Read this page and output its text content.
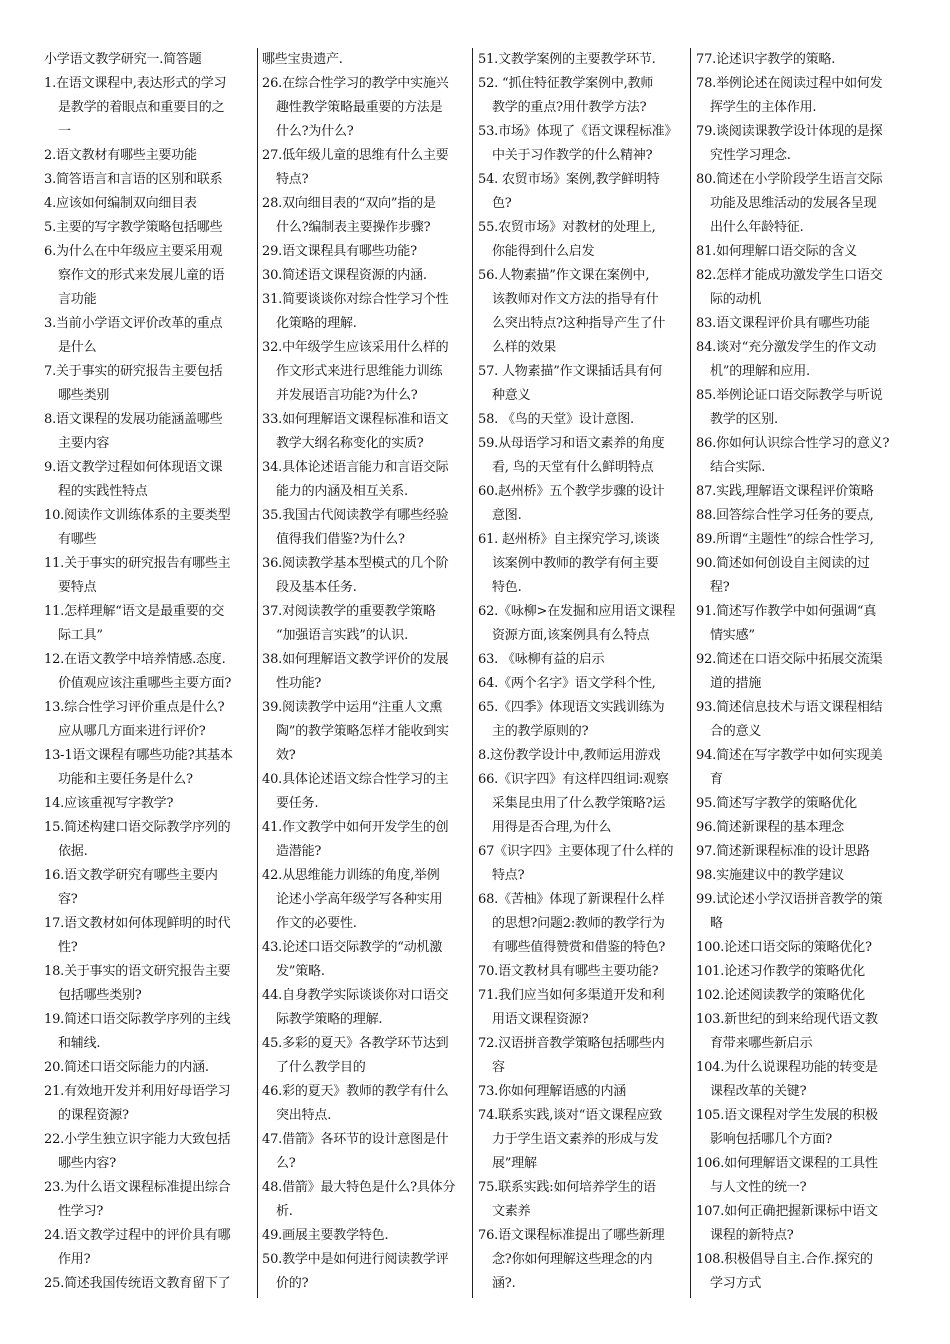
小学语文教学研究一.简答题
1.在语文课程中,表达形式的学习
是教学的着眼点和重要目的之
一
2.语文教材有哪些主要功能
3.简答语言和言语的区别和联系
4.应该如何编制双向细目表
5.主要的写字教学策略包括哪些
6.为什么在中年级应主要采用观
察作文的形式来发展儿童的语
言功能
3.当前小学语文评价改革的重点
是什么
7.关于事实的研究报告主要包括
哪些类别
8.语文课程的发展功能涵盖哪些
主要内容
9.语文教学过程如何体现语文课
程的实践性特点
10.阅读作文训练体系的主要类型
有哪些
11.关于事实的研究报告有哪些主
要特点
11.怎样理解“语文是最重要的交
际工具”
12.在语文教学中培养情感.态度.
价值观应该注重哪些主要方面?
13.综合性学习评价重点是什么?
应从哪几方面来进行评价?
13-1语文课程有哪些功能?其基本
功能和主要任务是什么?
14.应该重视写字教学?
15.简述构建口语交际教学序列的
依据.
16.语文教学研究有哪些主要内
容?
17.语文教材如何体现鲜明的时代
性?
18.关于事实的语文研究报告主要
包括哪些类别?
19.简述口语交际教学序列的主线
和辅线.
20.简述口语交际能力的内涵.
21.有效地开发并利用好母语学习
的课程资源?
22.小学生独立识字能力大致包括
哪些内容?
23.为什么语文课程标准提出综合
性学习?
24.语文教学过程中的评价具有哪
作用?
25.简述我国传统语文教育留下了
哪些宝贵遗产.
26.在综合性学习的教学中实施兴
趣性教学策略最重要的方法是
什么?为什么?
27.低年级儿童的思维有什么主要
特点?
28.双向细目表的“双向”指的是
什么?编制表主要操作步骤?
29.语文课程具有哪些功能?
30.简述语文课程资源的内涵.
31.简要谈谈你对综合性学习个性
化策略的理解.
32.中年级学生应该采用什么样的
作文形式来进行思维能力训练
并发展语言功能?为什么?
33.如何理解语文课程标准和语文
教学大纲名称变化的实质?
34.具体论述语言能力和言语交际
能力的内涵及相互关系.
35.我国古代阅读教学有哪些经验
值得我们借鉴?为什么?
36.阅读教学基本型模式的几个阶
段及基本任务.
37.对阅读教学的重要教学策略
“加强语言实践”的认识.
38.如何理解语文教学评价的发展
性功能?
39.阅读教学中运用“注重人文熏
陶”的教学策略怎样才能收到实
效?
40.具体论述语文综合性学习的主
要任务.
41.作文教学中如何开发学生的创
造潜能?
42.从思维能力训练的角度,举例
论述小学高年级学写各种实用
作文的必要性.
43.论述口语交际教学的“动机激
发”策略.
44.自身教学实际谈谈你对口语交
际教学策略的理解.
45.多彩的夏天》各教学环节达到
了什么教学目的
46.彩的夏天》教师的教学有什么
突出特点.
47.借箭》各环节的设计意图是什
么?
48.借箭》最大特色是什么?具体分
析.
49.画展主要教学特色.
50.教学中是如何进行阅读教学评
价的?
51.文教学案例的主要教学环节.
52. “抓住特征教学案例中,教师
教学的重点?用什教学方法?
53.市场》体现了《语文课程标准》
中关于习作教学的什么精神?
54. 农贸市场》案例,教学鲜明特
色?
55.农贸市场》对教材的处理上,
你能得到什么启发
56.人物素描”作文课在案例中,
该教师对作文方法的指导有什
么突出特点?这种指导产生了什
么样的效果
57. 人物素描”作文课插话具有何
种意义
58. 《鸟的天堂》设计意图.
59.从母语学习和语文素养的角度
看, 鸟的天堂有什么鲜明特点
60.赵州桥》五个教学步骤的设计
意图.
61. 赵州桥》自主探究学习,谈谈
该案例中教师的教学有何主要
特色.
62.《咏柳>在发掘和应用语文课程
资源方面,该案例具有么特点
63. 《咏柳有益的启示
64.《两个名字》语文学科个性,
65.《四季》体现语文实践训练为
主的教学原则的?
8.这份教学设计中,教师运用游戏
66.《识字四》有这样四组词:观察
采集昆虫用了什么教学策略?运
用得是否合理,为什么
67《识字四》主要体现了什么样的
特点?
68.《苦柚》体现了新课程什么样
的思想?问题2:教师的教学行为
有哪些值得赞赏和借鉴的特色?
70.语文教材具有哪些主要功能?
71.我们应当如何多渠道开发和利
用语文课程资源?
72.汉语拼音教学策略包括哪些内
容
73.你如何理解语感的内涵
74.联系实践,谈对“语文课程应致
力于学生语文素养的形成与发
展”理解
75.联系实践:如何培养学生的语
文素养
76.语文课程标准提出了哪些新理
念?你如何理解这些理念的内
涵?.
77.论述识字教学的策略.
78.举例论述在阅读过程中如何发
挥学生的主体作用.
79.谈阅读课教学设计体现的是探
究性学习理念.
80.简述在小学阶段学生语言交际
功能及思维活动的发展各呈现
出什么年龄特征.
81.如何理解口语交际的含义
82.怎样才能成功激发学生口语交
际的动机
83.语文课程评价具有哪些功能
84.谈对“充分激发学生的作文动
机”的理解和应用.
85.举例论证口语交际教学与听说
教学的区别.
86.你如何认识综合性学习的意义?
结合实际.
87.实践,理解语文课程评价策略
88.回答综合性学习任务的要点,
89.所谓“主题性”的综合性学习,
90.简述如何创设自主阅读的过
程?
91.简述写作教学中如何强调“真
情实感”
92.简述在口语交际中拓展交流渠
道的措施
93.简述信息技术与语文课程相结
合的意义
94.简述在写字教学中如何实现美
育
95.简述写字教学的策略优化
96.简述新课程的基本理念
97.简述新课程标准的设计思路
98.实施建议中的教学建议
99.试论述小学汉语拼音教学的策
略
100.论述口语交际的策略优化?
101.论述习作教学的策略优化
102.论述阅读教学的策略优化
103.新世纪的到来给现代语文教
育带来哪些新启示
104.为什么说课程功能的转变是
课程改革的关键?
105.语文课程对学生发展的积极
影响包括哪几个方面?
106.如何理解语文课程的工具性
与人文性的统一?
107.如何正确把握新课标中语文
课程的新特点?
108.积极倡导自主.合作.探究的
学习方式
